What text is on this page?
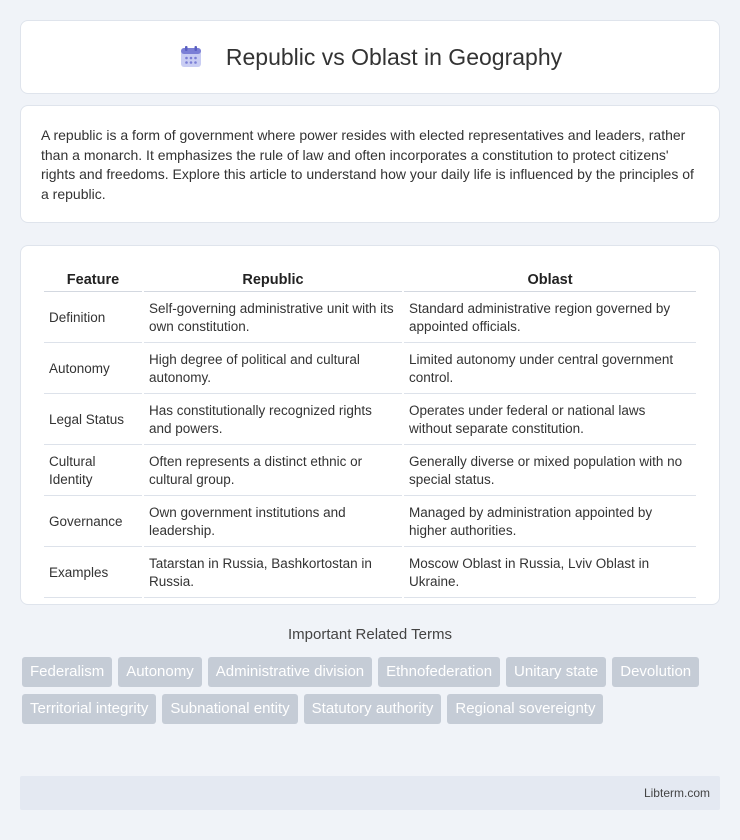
Republic vs Oblast in Geography

A republic is a form of government where power resides with elected representatives and leaders, rather than a monarch. It emphasizes the rule of law and often incorporates a constitution to protect citizens' rights and freedoms. Explore this article to understand how your daily life is influenced by the principles of a republic.

Feature	Republic	Oblast
Definition	Self-governing administrative unit with its own constitution.	Standard administrative region governed by appointed officials.
Autonomy	High degree of political and cultural autonomy.	Limited autonomy under central government control.
Legal Status	Has constitutionally recognized rights and powers.	Operates under federal or national laws without separate constitution.
Cultural Identity	Often represents a distinct ethnic or cultural group.	Generally diverse or mixed population with no special status.
Governance	Own government institutions and leadership.	Managed by administration appointed by higher authorities.
Examples	Tatarstan in Russia, Bashkortostan in Russia.	Moscow Oblast in Russia, Lviv Oblast in Ukraine.
Important Related Terms
Federalism	Autonomy	Administrative division	Ethnofederation	Unitary state	Devolution
Territorial integrity	Subnational entity	Statutory authority	Regional sovereignty
Libterm.com
